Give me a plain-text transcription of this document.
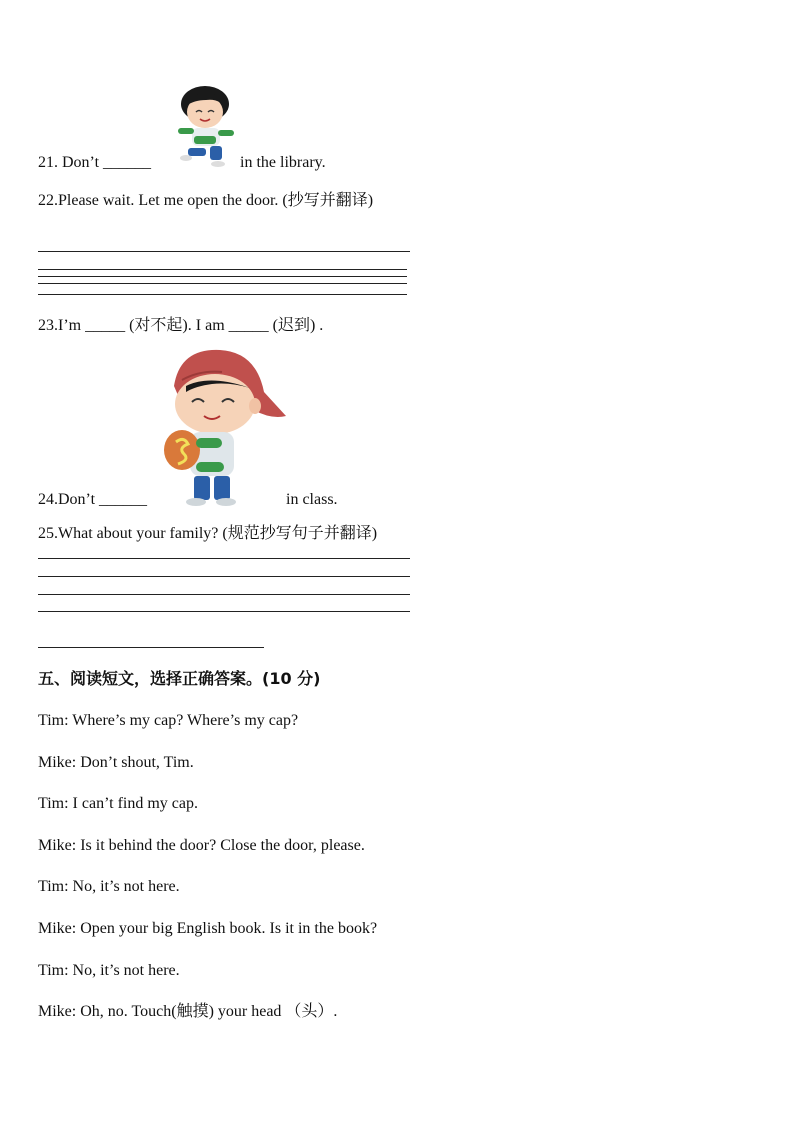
21. Don’t ______	in the library.
22.Please wait. Let me open the door. (抄写并翻译)
23.I’m _____ (对不起). I am _____ (迟到) .
24.Don’t ______	in class.
25.What about your family? (规范抄写句子并翻译)
五、阅读短文，选择正确答案。(10 分)
Tim: Where’s my cap? Where’s my cap?
Mike: Don’t shout, Tim.
Tim: I can’t find my cap.
Mike: Is it behind the door? Close the door, please.
Tim: No, it’s not here.
Mike: Open your big English book. Is it in the book?
Tim: No, it’s not here.
Mike: Oh, no. Touch(触摸) your head （头）.
